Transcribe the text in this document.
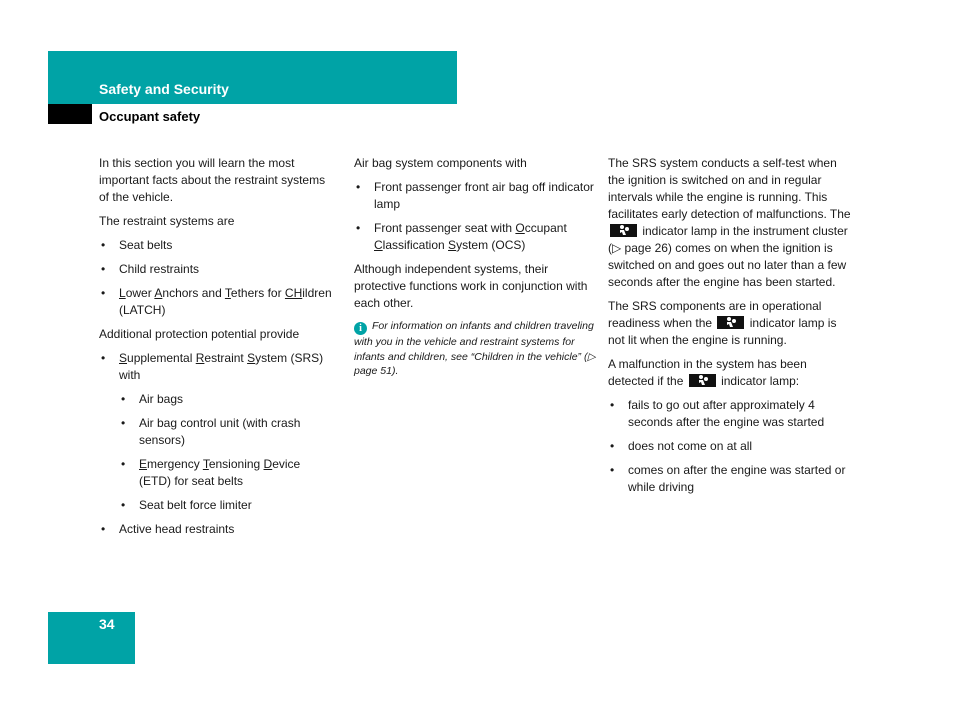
Safety and Security
Occupant safety

In this section you will learn the most important facts about the restraint systems of the vehicle.

The restraint systems are

• Seat belts
• Child restraints
• Lower Anchors and Tethers for CHildren (LATCH)

Additional protection potential provide

• Supplemental Restraint System (SRS) with
• Air bags
• Air bag control unit (with crash sensors)
• Emergency Tensioning Device (ETD) for seat belts
• Seat belt force limiter
• Active head restraints

Air bag system components with

• Front passenger front air bag off indicator lamp
• Front passenger seat with Occupant Classification System (OCS)

Although independent systems, their protective functions work in conjunction with each other.

i For information on infants and children traveling with you in the vehicle and restraint systems for infants and children, see “Children in the vehicle” (▷ page 51).

The SRS system conducts a self-test when the ignition is switched on and in regular intervals while the engine is running. This facilitates early detection of malfunctions. The
indicator lamp in the instrument cluster (▷ page 26) comes on when the ignition is switched on and goes out no later than a few seconds after the engine has been started.

The SRS components are in operational readiness when the	indicator lamp is not lit when the engine is running.

A malfunction in the system has been detected if the	indicator lamp:

• fails to go out after approximately 4 seconds after the engine was started
• does not come on at all
• comes on after the engine was started or while driving
34
